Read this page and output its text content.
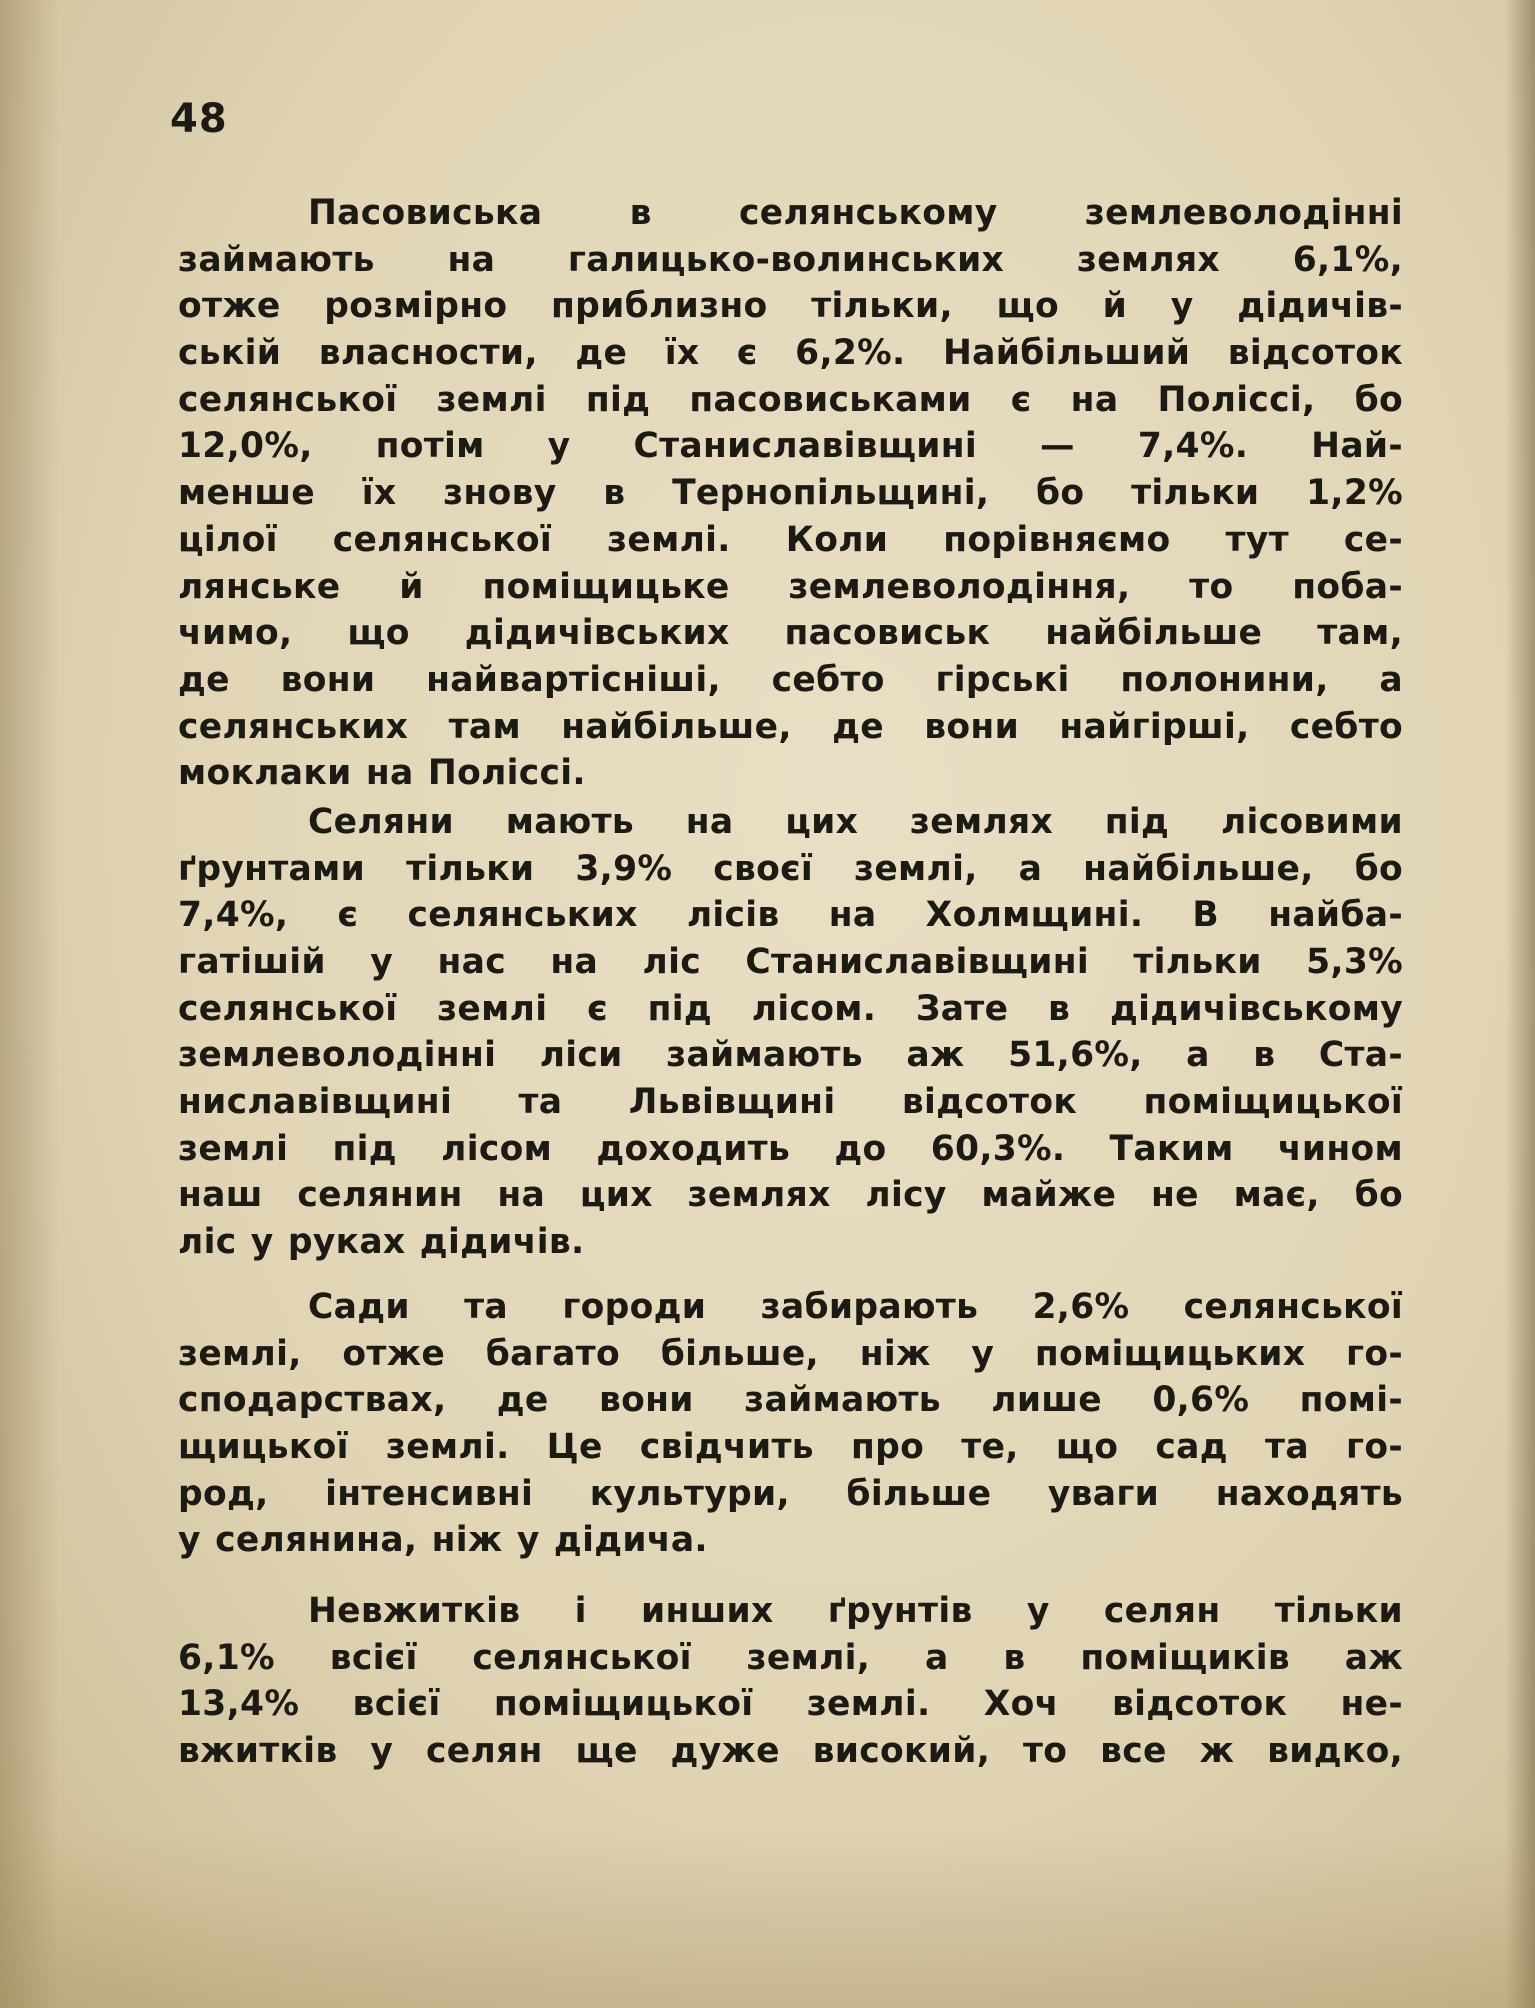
48

Пасовиська в селянському землеволодінні
займають на галицько-волинських землях 6,1%,
отже розмірно приблизно тільки, що й у дідичів-
ській власности, де їх є 6,2%. Найбільший відсоток
селянської землі під пасовиськами є на Поліссі, бо
12,0%, потім у Станиславівщині — 7,4%. Най-
менше їх знову в Тернопільщині, бо тільки 1,2%
цілої селянської землі. Коли порівняємо тут се-
лянське й поміщицьке землеволодіння, то поба-
чимо, що дідичівських пасовиськ найбільше там,
де вони найвартісніші, себто гірські полонини, а
селянських там найбільше, де вони найгірші, себто
моклаки на Поліссі.

Селяни мають на цих землях під лісовими
ґрунтами тільки 3,9% своєї землі, а найбільше, бо
7,4%, є селянських лісів на Холмщині. В найба-
гатішій у нас на ліс Станиславівщині тільки 5,3%
селянської землі є під лісом. Зате в дідичівському
землеволодінні ліси займають аж 51,6%, а в Ста-
ниславівщині та Львівщині відсоток поміщицької
землі під лісом доходить до 60,3%. Таким чином
наш селянин на цих землях лісу майже не має, бо
ліс у руках дідичів.

Сади та городи забирають 2,6% селянської
землі, отже багато більше, ніж у поміщицьких го-
сподарствах, де вони займають лише 0,6% помі-
щицької землі. Це свідчить про те, що сад та го-
род, інтенсивні культури, більше уваги находять
у селянина, ніж у дідича.

Невжитків і инших ґрунтів у селян тільки
6,1% всієї селянської землі, а в поміщиків аж
13,4% всієї поміщицької землі. Хоч відсоток не-
вжитків у селян ще дуже високий, то все ж видко,
